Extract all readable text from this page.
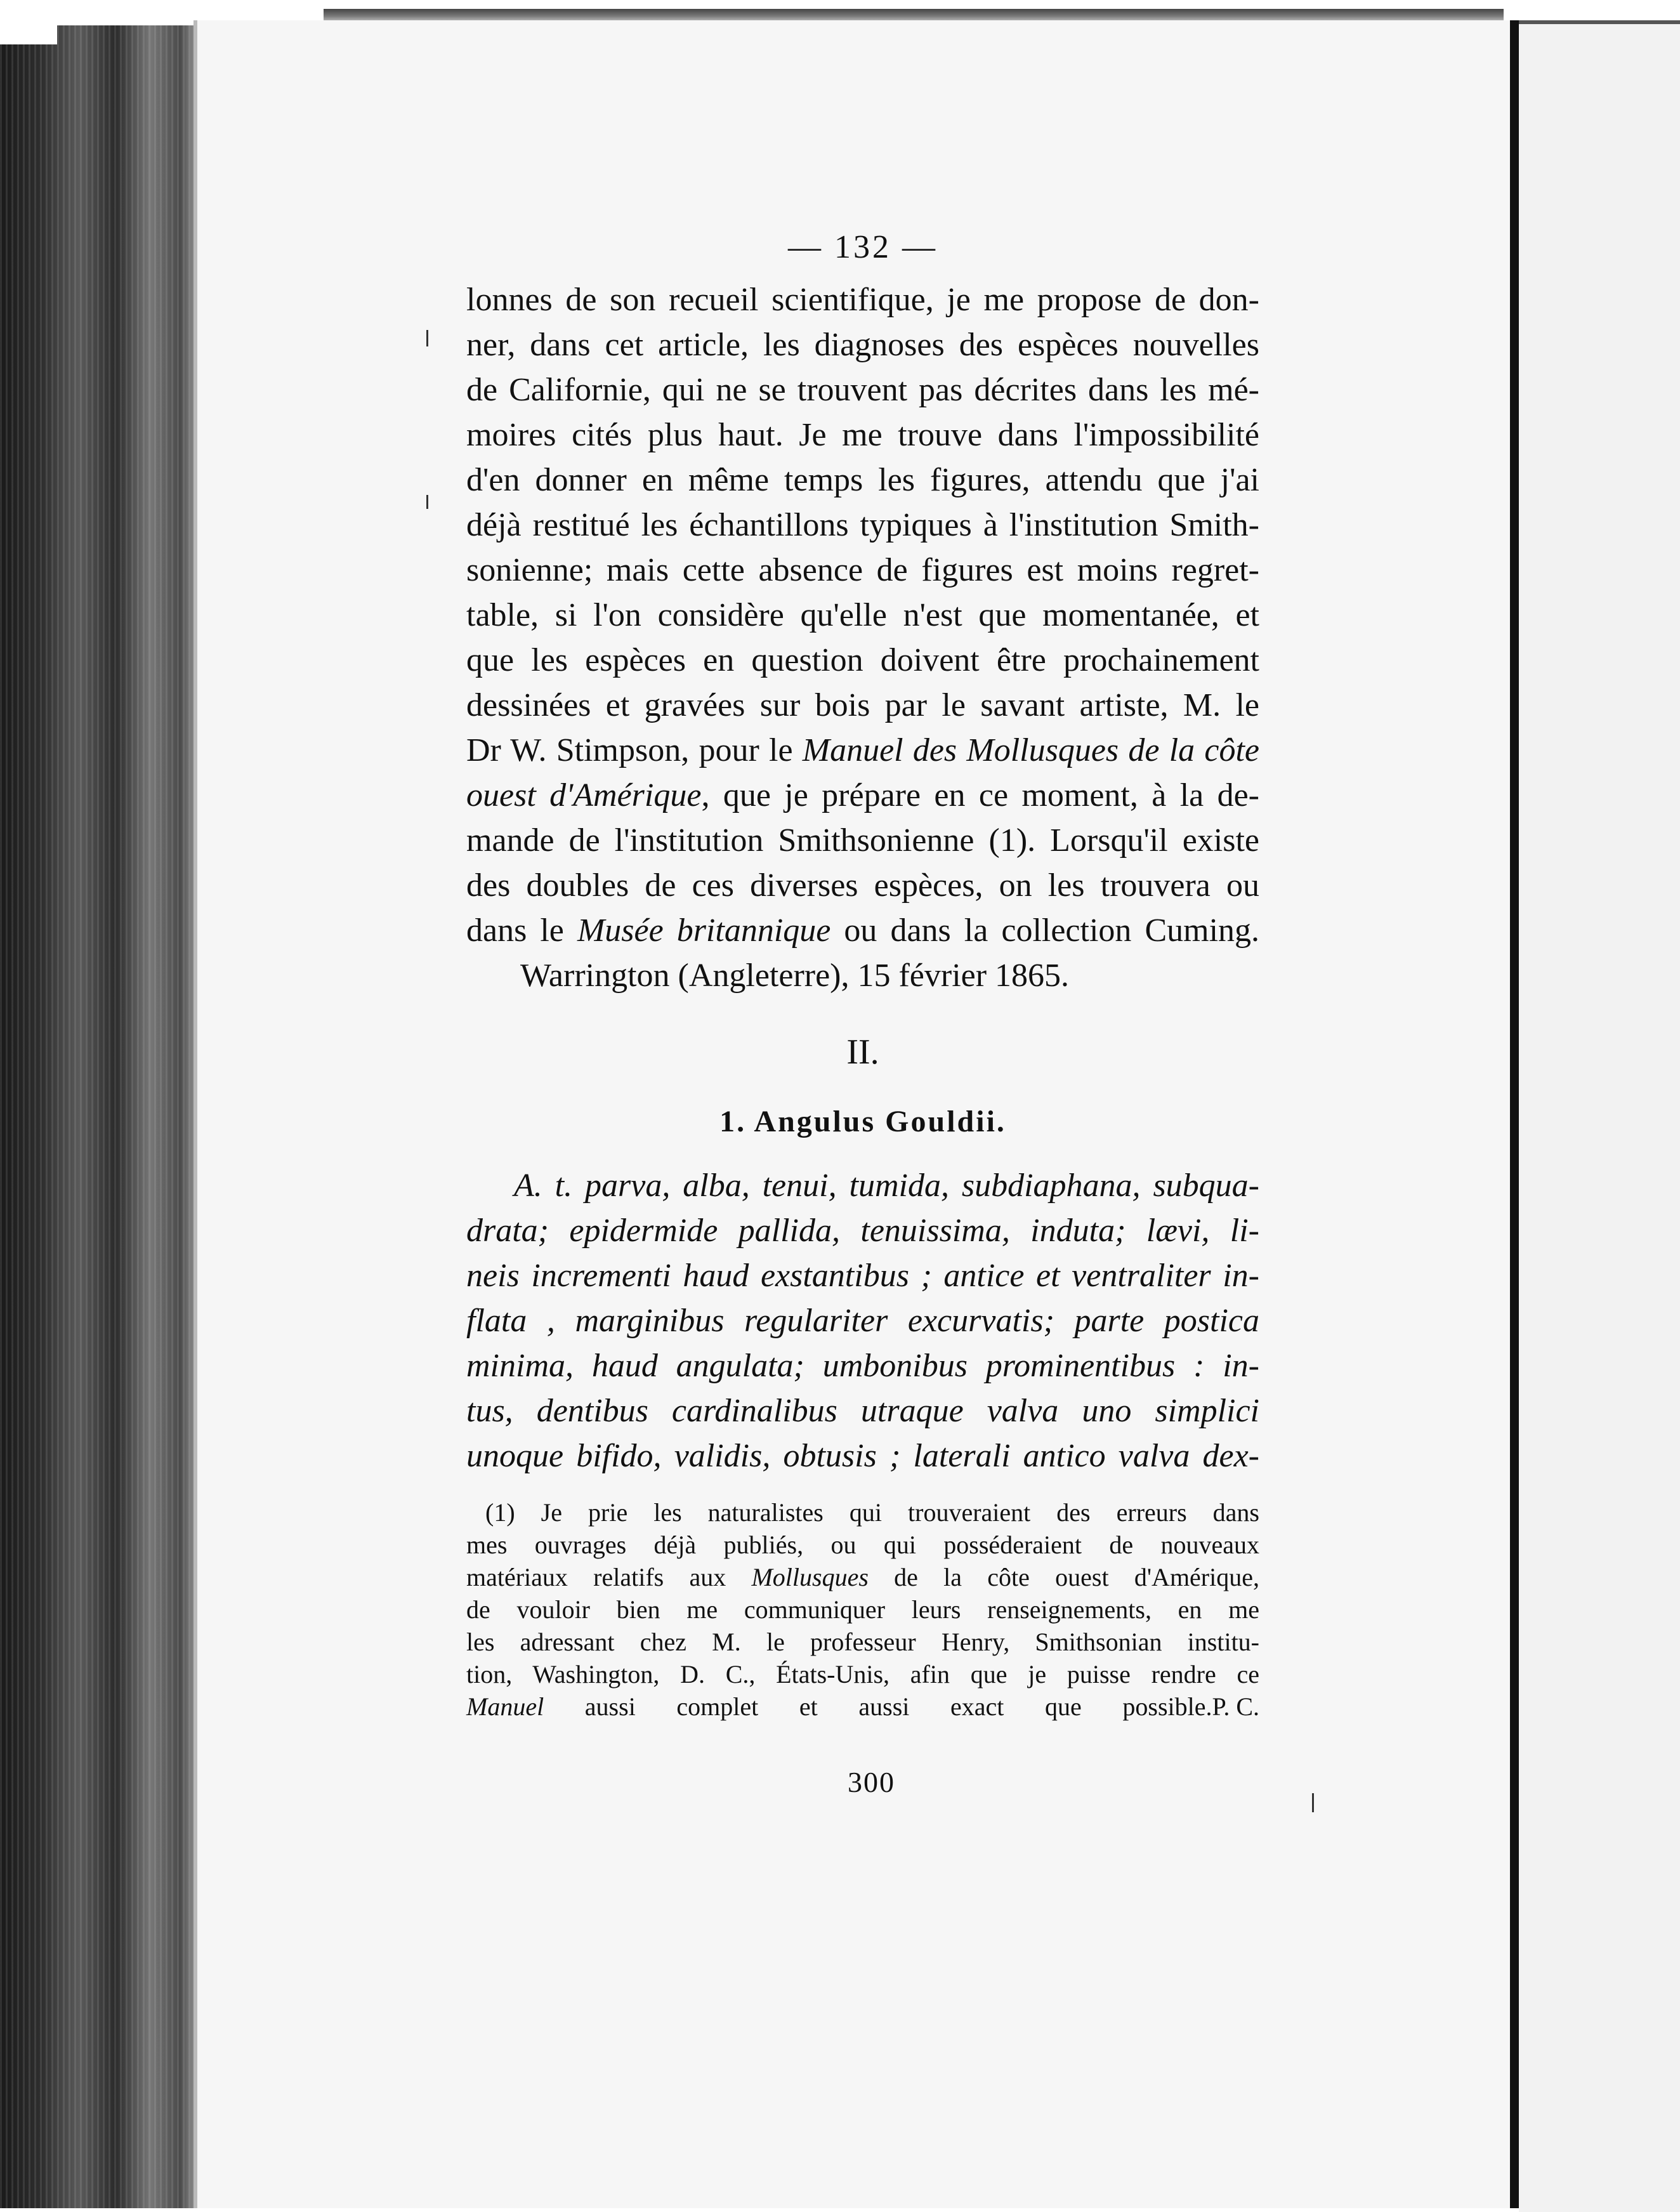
— 132 —
lonnes de son recueil scientifique, je me propose de don-
ner, dans cet article, les diagnoses des espèces nouvelles
de Californie, qui ne se trouvent pas décrites dans les mé-
moires cités plus haut. Je me trouve dans l'impossibilité
d'en donner en même temps les figures, attendu que j'ai
déjà restitué les échantillons typiques à l'institution Smith-
sonienne; mais cette absence de figures est moins regret-
table, si l'on considère qu'elle n'est que momentanée, et
que les espèces en question doivent être prochainement
dessinées et gravées sur bois par le savant artiste, M. le
Dr W. Stimpson, pour le Manuel des Mollusques de la côte
ouest d'Amérique, que je prépare en ce moment, à la de-
mande de l'institution Smithsonienne (1). Lorsqu'il existe
des doubles de ces diverses espèces, on les trouvera ou
dans le Musée britannique ou dans la collection Cuming.
Warrington (Angleterre), 15 février 1865.
II.
1. Angulus Gouldii.
A. t. parva, alba, tenui, tumida, subdiaphana, subqua-
drata; epidermide pallida, tenuissima, induta; lævi, li-
neis incrementi haud exstantibus ; antice et ventraliter in-
flata , marginibus regulariter excurvatis; parte postica
minima, haud angulata; umbonibus prominentibus : in-
tus, dentibus cardinalibus utraque valva uno simplici
unoque bifido, validis, obtusis ; laterali antico valva dex-
(1) Je prie les naturalistes qui trouveraient des erreurs dans
mes ouvrages déjà publiés, ou qui posséderaient de nouveaux
matériaux relatifs aux Mollusques de la côte ouest d'Amérique,
de vouloir bien me communiquer leurs renseignements, en me
les adressant chez M. le professeur Henry, Smithsonian institu-
tion, Washington, D. C., États-Unis, afin que je puisse rendre ce
Manuel aussi complet et aussi exact que possible. P. C.
300
